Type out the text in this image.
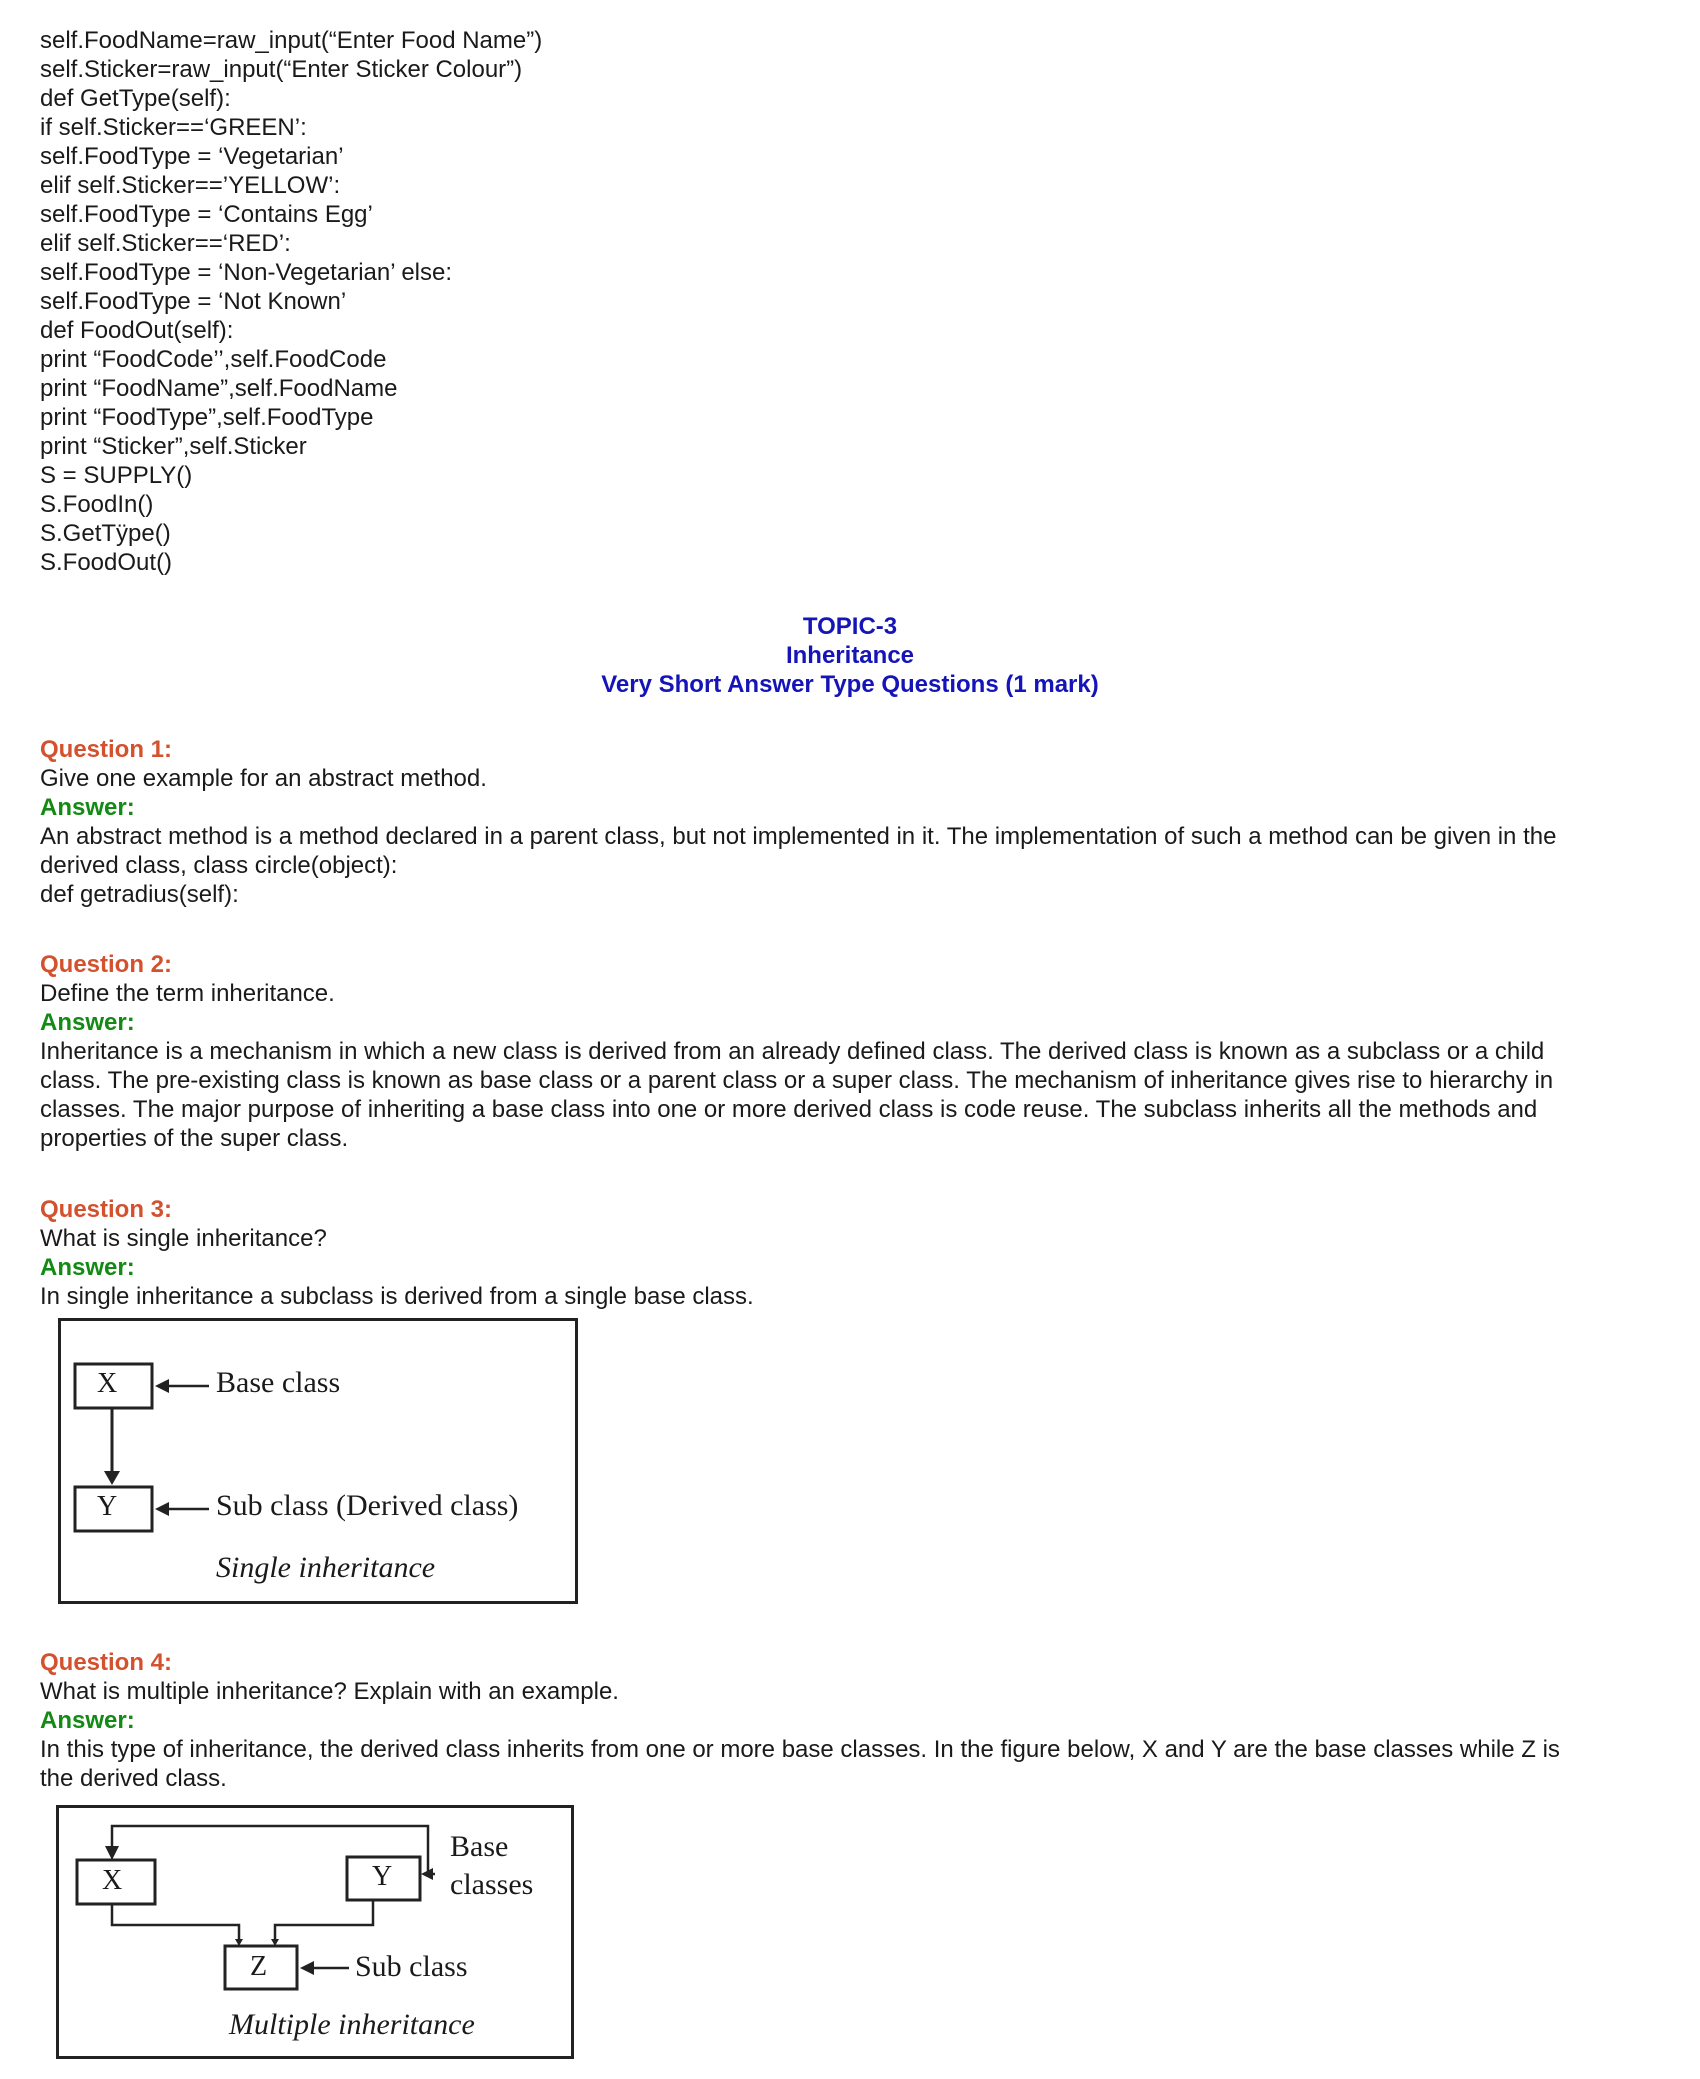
self.FoodName=raw_input(“Enter Food Name”)
self.Sticker=raw_input(“Enter Sticker Colour”)
def GetType(self):
if self.Sticker==‘GREEN’:
self.FoodType = ‘Vegetarian’
elif self.Sticker==’YELLOW’:
self.FoodType = ‘Contains Egg’
elif self.Sticker==‘RED’:
self.FoodType = ‘Non-Vegetarian’ else:
self.FoodType = ‘Not Known’
def FoodOut(self):
print “FoodCode’’,self.FoodCode
print “FoodName”,self.FoodName
print “FoodType”,self.FoodType
print “Sticker”,self.Sticker
S = SUPPLY()
S.FoodIn()
S.GetTÿpe()
S.FoodOut()
TOPIC-3
Inheritance
Very Short Answer Type Questions (1 mark)
Question 1:
Give one example for an abstract method.
Answer:
An abstract method is a method declared in a parent class, but not implemented in it. The implementation of such a method can be given in the
derived class, class circle(object):
def getradius(self):
Question 2:
Define the term inheritance.
Answer:
Inheritance is a mechanism in which a new class is derived from an already defined class. The derived class is known as a subclass or a child
class. The pre-existing class is known as base class or a parent class or a super class. The mechanism of inheritance gives rise to hierarchy in
classes. The major purpose of inheriting a base class into one or more derived class is code reuse. The subclass inherits all the methods and
properties of the super class.
Question 3:
What is single inheritance?
Answer:
In single inheritance a subclass is derived from a single base class.
X
Y
Base class
Sub class (Derived class)
Single inheritance
Question 4:
What is multiple inheritance? Explain with an example.
Answer:
In this type of inheritance, the derived class inherits from one or more base classes. In the figure below, X and Y are the base classes while Z is
the derived class.
X	Y
Z
Base
classes
Sub class
Multiple inheritance
